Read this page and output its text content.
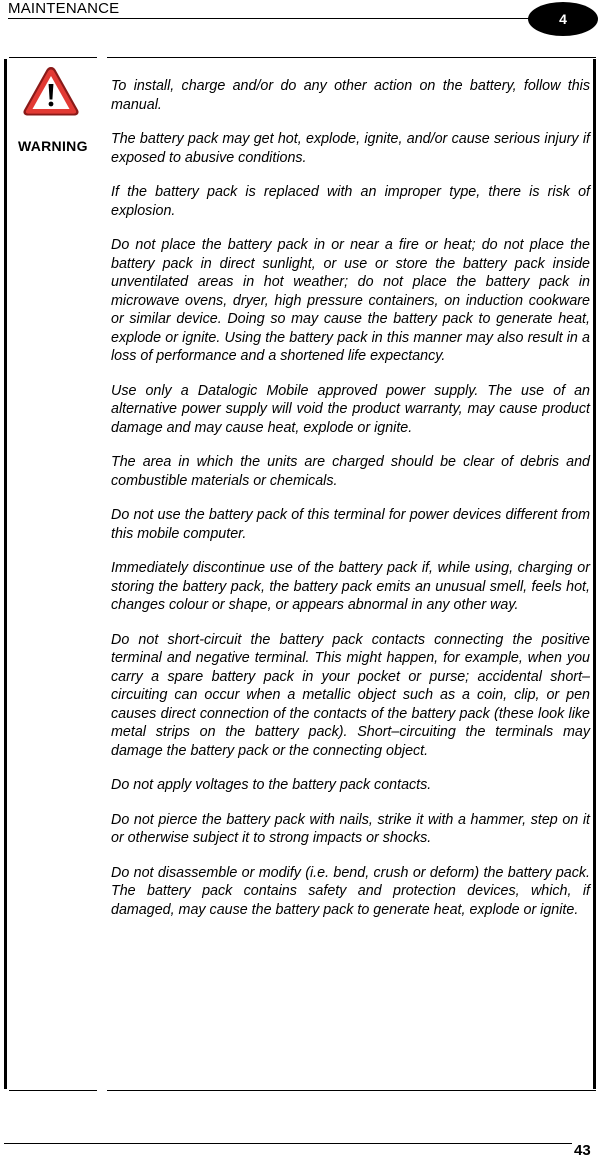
MAINTENANCE
4
WARNING

To install, charge and/or do any other action on the battery, follow this manual.

The battery pack may get hot, explode, ignite, and/or cause serious injury if exposed to abusive conditions.

If the battery pack is replaced with an improper type, there is risk of explosion.

Do not place the battery pack in or near a fire or heat; do not place the battery pack in direct sunlight, or use or store the battery pack inside unventilated areas in hot weather; do not place the battery pack in microwave ovens, dryer, high pressure containers, on induction cookware or similar device. Doing so may cause the battery pack to generate heat, explode or ignite. Using the battery pack in this manner may also result in a loss of performance and a shortened life expectancy.

Use only a Datalogic Mobile approved power supply. The use of an alternative power supply will void the product warranty, may cause product damage and may cause heat, explode or ignite.

The area in which the units are charged should be clear of debris and combustible materials or chemicals.

Do not use the battery pack of this terminal for power devices different from this mobile computer.

Immediately discontinue use of the battery pack if, while using, charging or storing the battery pack, the battery pack emits an unusual smell, feels hot, changes colour or shape, or appears abnormal in any other way.

Do not short-circuit the battery pack contacts connecting the positive terminal and negative terminal. This might happen, for example, when you carry a spare battery pack in your pocket or purse; accidental short–circuiting can occur when a metallic object such as a coin, clip, or pen causes direct connection of the contacts of the battery pack (these look like metal strips on the battery pack). Short–circuiting the terminals may damage the battery pack or the connecting object.

Do not apply voltages to the battery pack contacts.

Do not pierce the battery pack with nails, strike it with a hammer, step on it or otherwise subject it to strong impacts or shocks.

Do not disassemble or modify (i.e. bend, crush or deform) the battery pack. The battery pack contains safety and protection devices, which, if damaged, may cause the battery pack to generate heat, explode or ignite.

43
